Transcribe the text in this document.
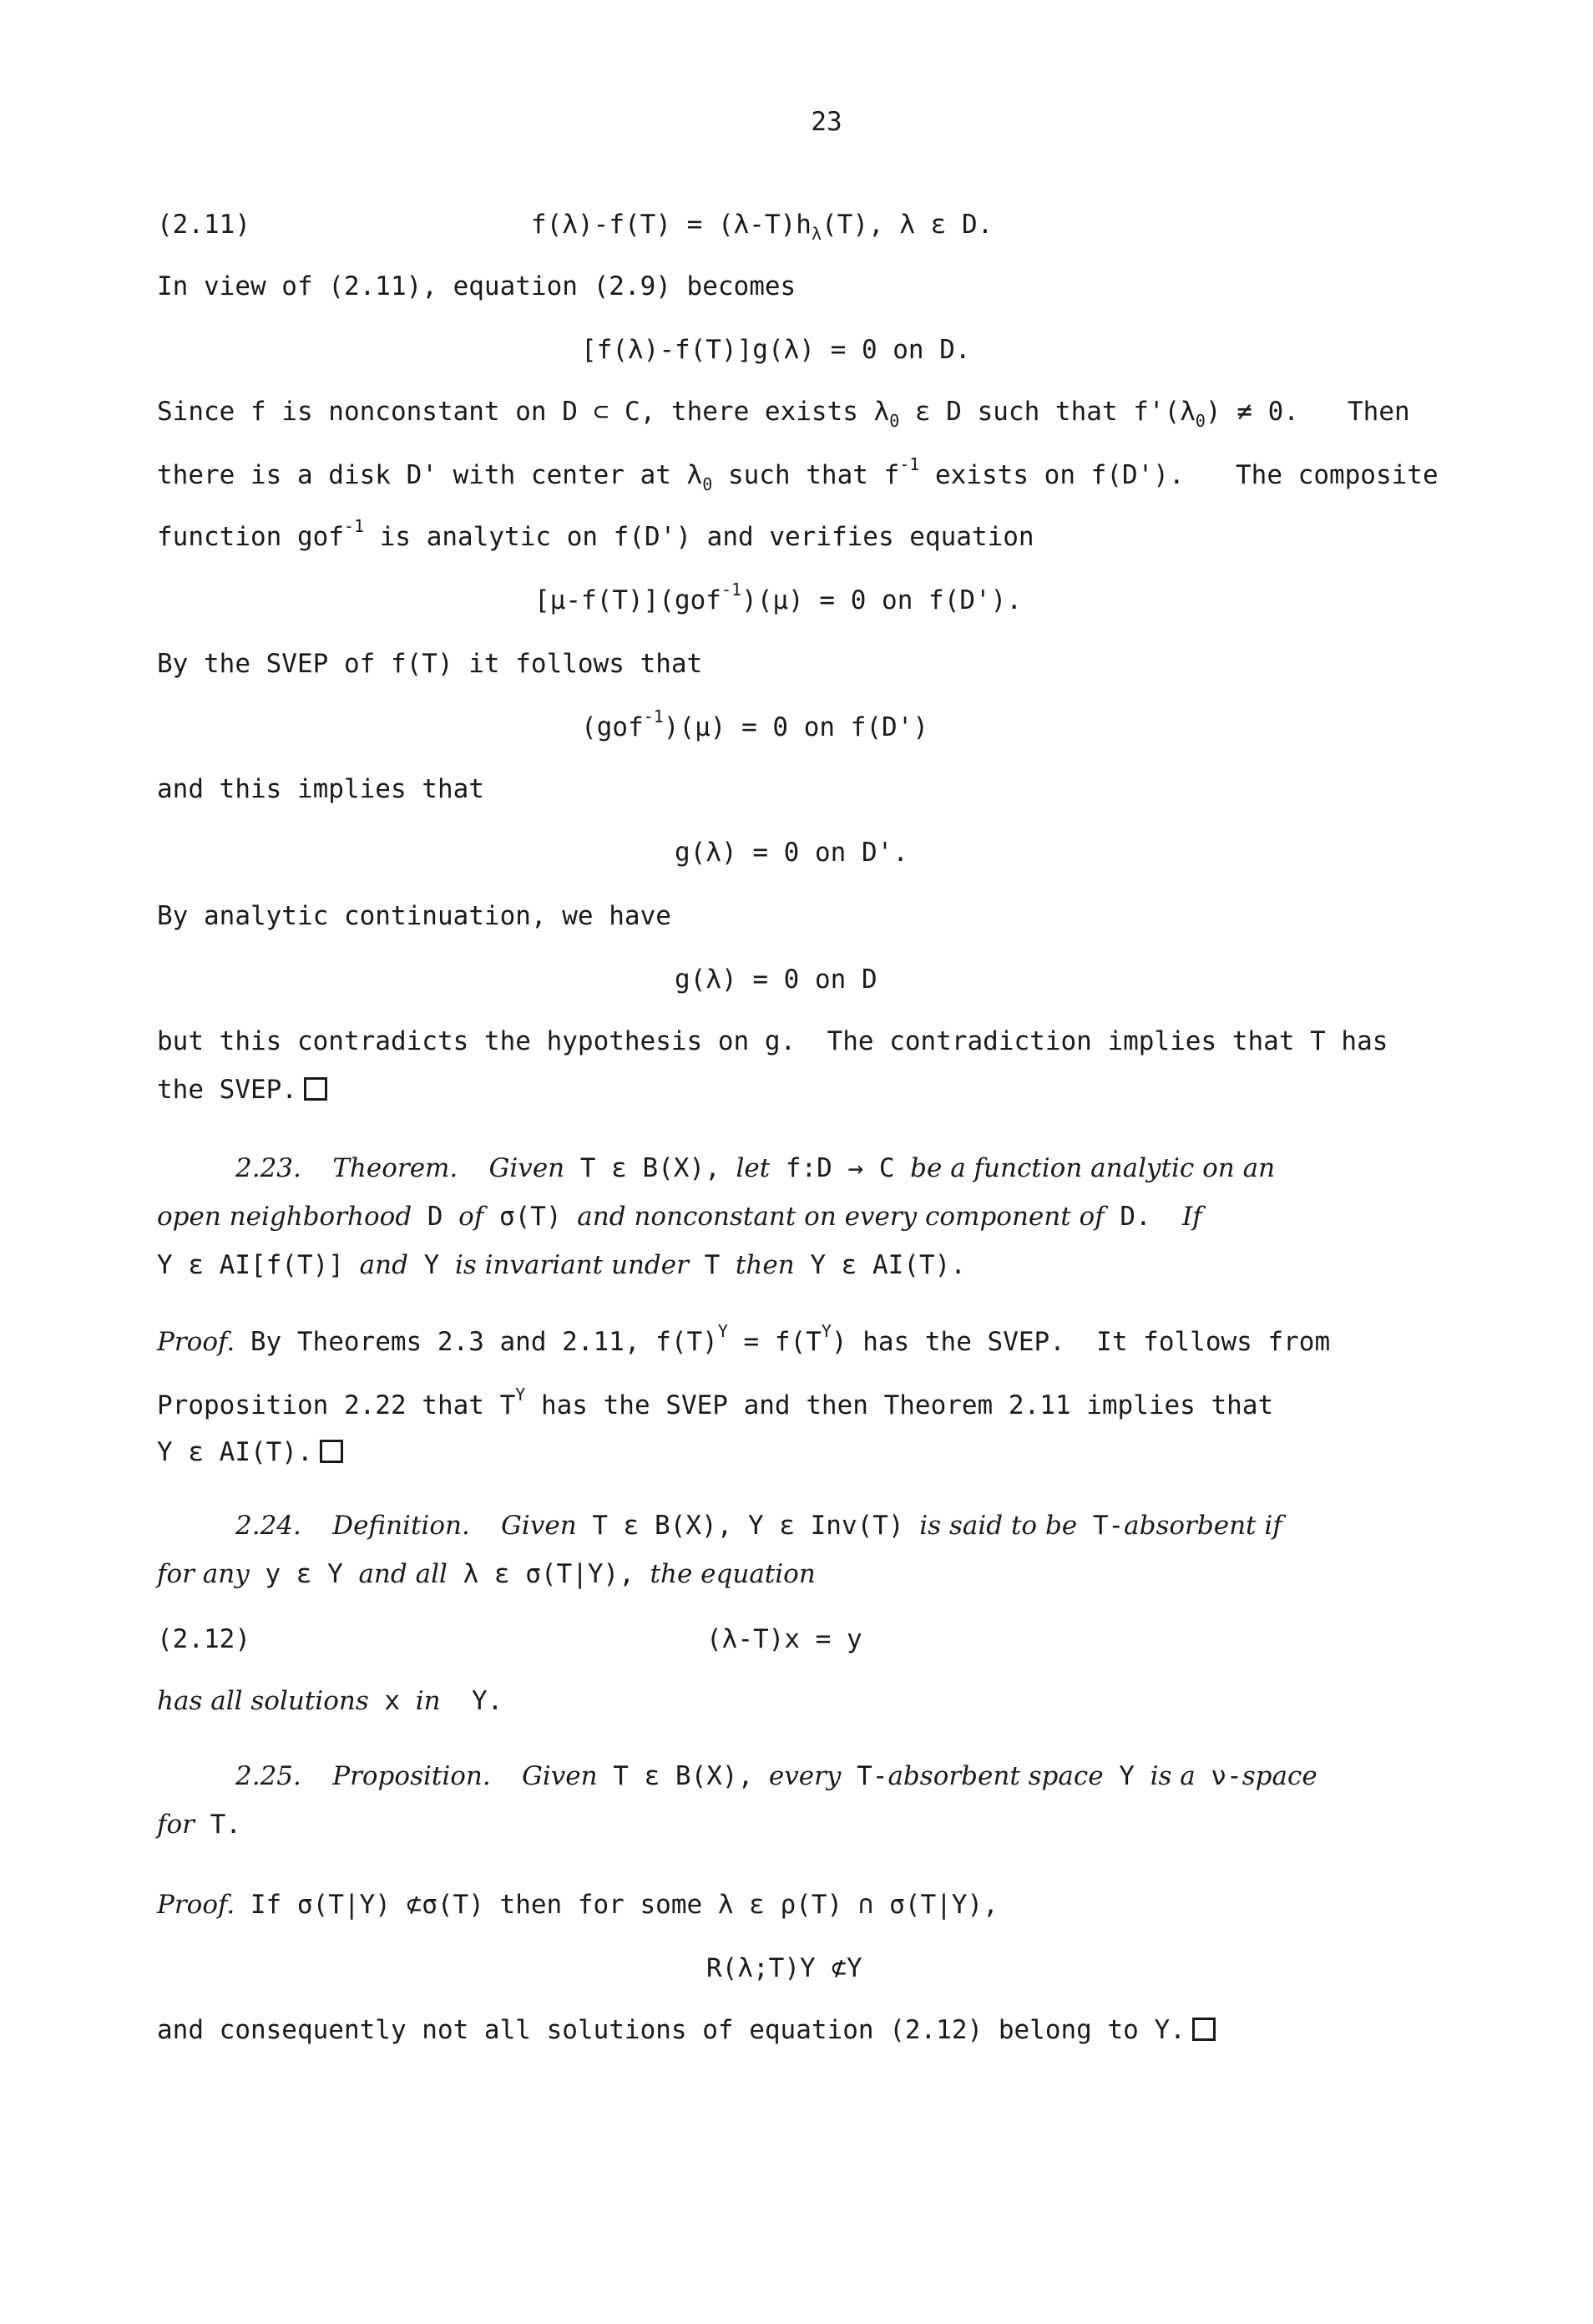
23
(2.11)	$f(\lambda)-f(T) = (\lambda-T)h_\lambda(T)$, λ ε D.
In view of (2.11), equation (2.9) becomes
[f(λ)-f(T)]g(λ) = 0 on D.
Since f is nonconstant on D ⊂ C, there exists $\lambda_0$ ε D such that $f'(\lambda_0) \ne 0$. Then
there is a disk D' with center at $\lambda_0$ such that $f^{-1}$ exists on f(D'). The composite
function gof$^{-1}$ is analytic on f(D') and verifies equation
[μ-f(T)](gof$^{-1}$)(μ) = 0 on f(D').
By the SVEP of f(T) it follows that
(gof$^{-1}$)(μ) = 0 on f(D')
and this implies that
g(λ) = 0 on D'.
By analytic continuation, we have
g(λ) = 0 on D
but this contradicts the hypothesis on g.  The contradiction implies that T has
the SVEP.
2.23. Theorem. Given T ε B(X), let f:D → C be a function analytic on an
open neighborhood D of σ(T) and nonconstant on every component of D.  If
Y ε AI[f(T)] and Y is invariant under T then Y ε AI(T).
Proof. By Theorems 2.3 and 2.11, $f(T)^Y = f(T^Y)$ has the SVEP.  It follows from
Proposition 2.22 that $T^Y$ has the SVEP and then Theorem 2.11 implies that
Y ε AI(T).
2.24. Definition. Given T ε B(X), Y ε Inv(T) is said to be T-absorbent if
for any y ε Y and all λ ε σ(T|Y), the equation
(2.12)	(λ-T)x = y
has all solutions x in  Y.
2.25. Proposition. Given T ε B(X), every T-absorbent space Y is a ν-space
for T.
Proof. If σ(T|Y) ⊄σ(T) then for some λ ε ρ(T) ∩ σ(T|Y),
R(λ;T)Y ⊄Y
and consequently not all solutions of equation (2.12) belong to Y.
